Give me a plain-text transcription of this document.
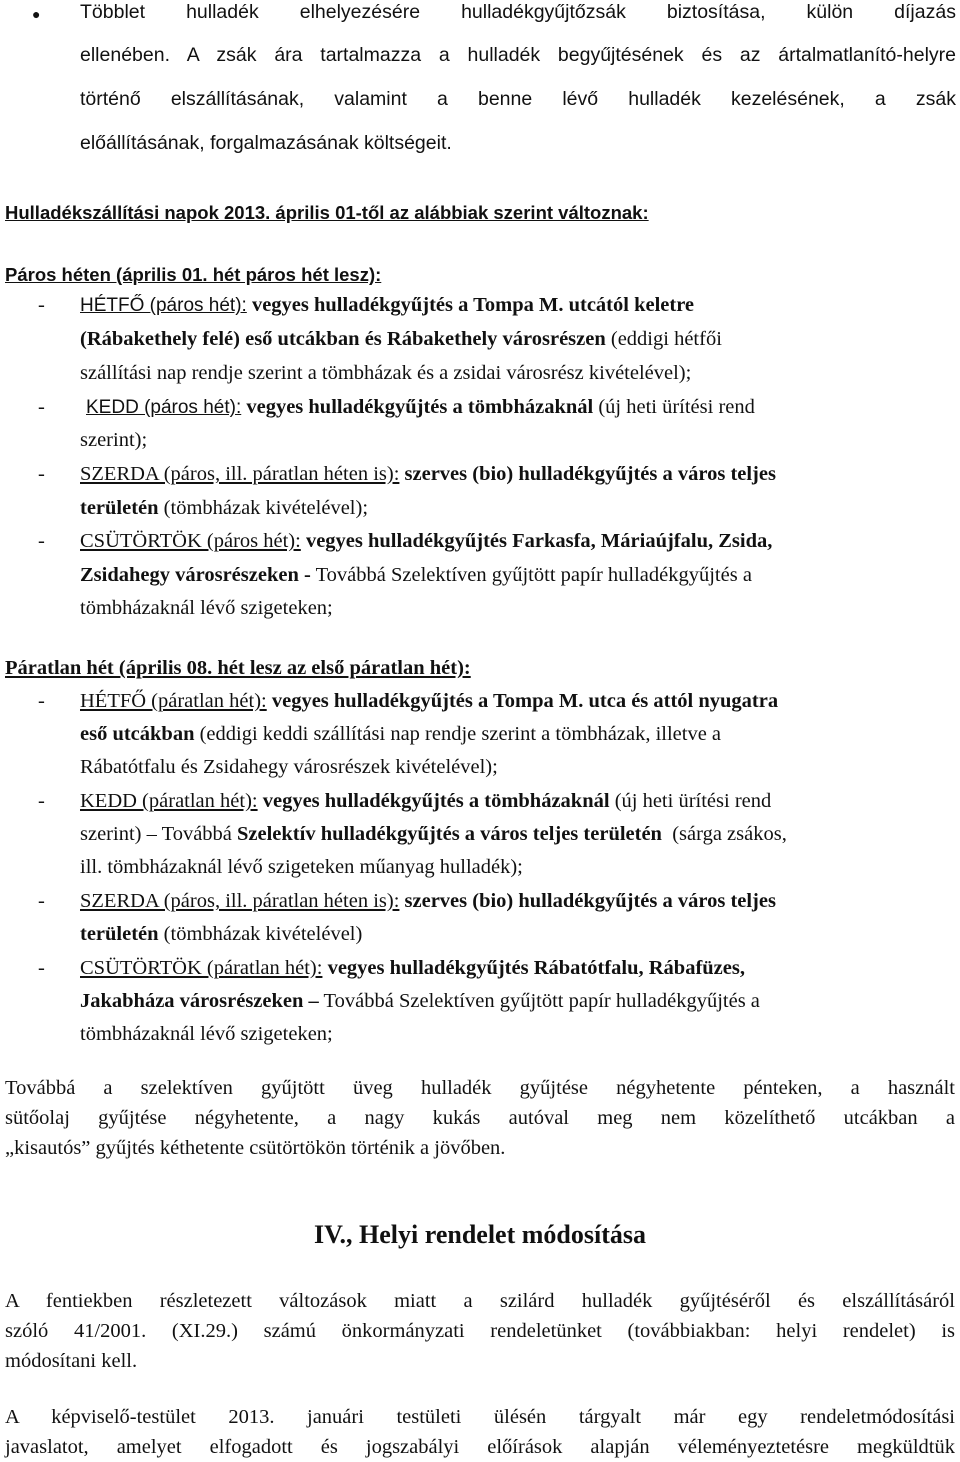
● Többlet hulladék elhelyezésére hulladékgyűjtőzsák biztosítása, külön díjazás
ellenében. A zsák ára tartalmazza a hulladék begyűjtésének és az ártalmatlanító-helyre
történő elszállításának, valamint a benne lévő hulladék kezelésének, a zsák
előállításának, forgalmazásának költségeit.
Hulladékszállítási napok 2013. április 01-től az alábbiak szerint változnak:
Páros héten (április 01. hét páros hét lesz):
-	HÉTFŐ (páros hét): vegyes hulladékgyűjtés a Tompa M. utcától keletre
(Rábakethely felé) eső utcákban és Rábakethely városrészen (eddigi hétfői
szállítási nap rendje szerint a tömbházak és a zsidai városrész kivételével);
-	KEDD (páros hét): vegyes hulladékgyűjtés a tömbházaknál (új heti ürítési rend
szerint);
-	SZERDA (páros, ill. páratlan héten is): szerves (bio) hulladékgyűjtés a város teljes
területén (tömbházak kivételével);
-	CSÜTÖRTÖK (páros hét): vegyes hulladékgyűjtés Farkasfa, Máriaújfalu, Zsida,
Zsidahegy városrészeken - Továbbá Szelektíven gyűjtött papír hulladékgyűjtés a
tömbházaknál lévő szigeteken;
Páratlan hét (április 08. hét lesz az első páratlan hét):
-	HÉTFŐ (páratlan hét): vegyes hulladékgyűjtés a Tompa M. utca és attól nyugatra
eső utcákban (eddigi keddi szállítási nap rendje szerint a tömbházak, illetve a
Rábatótfalu és Zsidahegy városrészek kivételével);
-	KEDD (páratlan hét): vegyes hulladékgyűjtés a tömbházaknál (új heti ürítési rend
szerint) – Továbbá Szelektív hulladékgyűjtés a város teljes területén  (sárga zsákos,
ill. tömbházaknál lévő szigeteken műanyag hulladék);
-	SZERDA (páros, ill. páratlan héten is): szerves (bio) hulladékgyűjtés a város teljes
területén (tömbházak kivételével)
-	CSÜTÖRTÖK (páratlan hét): vegyes hulladékgyűjtés Rábatótfalu, Rábafüzes,
Jakabháza városrészeken – Továbbá Szelektíven gyűjtött papír hulladékgyűjtés a
tömbházaknál lévő szigeteken;
Továbbá a szelektíven gyűjtött üveg hulladék gyűjtése négyhetente pénteken, a használt
sütőolaj gyűjtése négyhetente, a nagy kukás autóval meg nem közelíthető utcákban a
„kisautós” gyűjtés kéthetente csütörtökön történik a jövőben.
IV., Helyi rendelet módosítása
A fentiekben részletezett változások miatt a szilárd hulladék gyűjtéséről és elszállításáról
szóló 41/2001. (XI.29.) számú önkormányzati rendeletünket (továbbiakban: helyi rendelet) is
módosítani kell.
A képviselő-testület 2013. januári testületi ülésén tárgyalt már egy rendeletmódosítási
javaslatot, amelyet elfogadott és jogszabályi előírások alapján véleményeztetésre megküldtük
